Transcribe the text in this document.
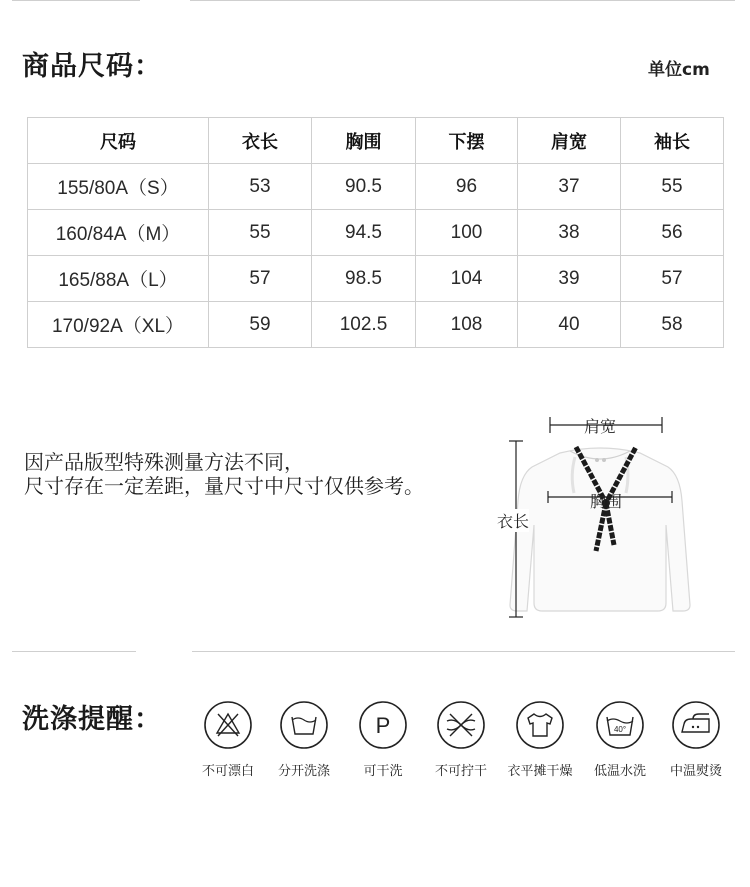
商品尺码：	单位cm
尺码	衣长	胸围	下摆	肩宽	袖长
155/80A（S）	53	90.5	96	37	55
160/84A（M）	55	94.5	100	38	56
165/88A（L）	57	98.5	104	39	57
170/92A（XL）	59	102.5	108	40	58
因产品版型特殊测量方法不同，
尺寸存在一定差距，量尺寸中尺寸仅供参考。
肩宽
胸围
衣长
洗涤提醒：
不可漂白	分开洗涤
P
可干洗	不可拧干	衣平摊干燥
40°
低温水洗	中温熨烫
